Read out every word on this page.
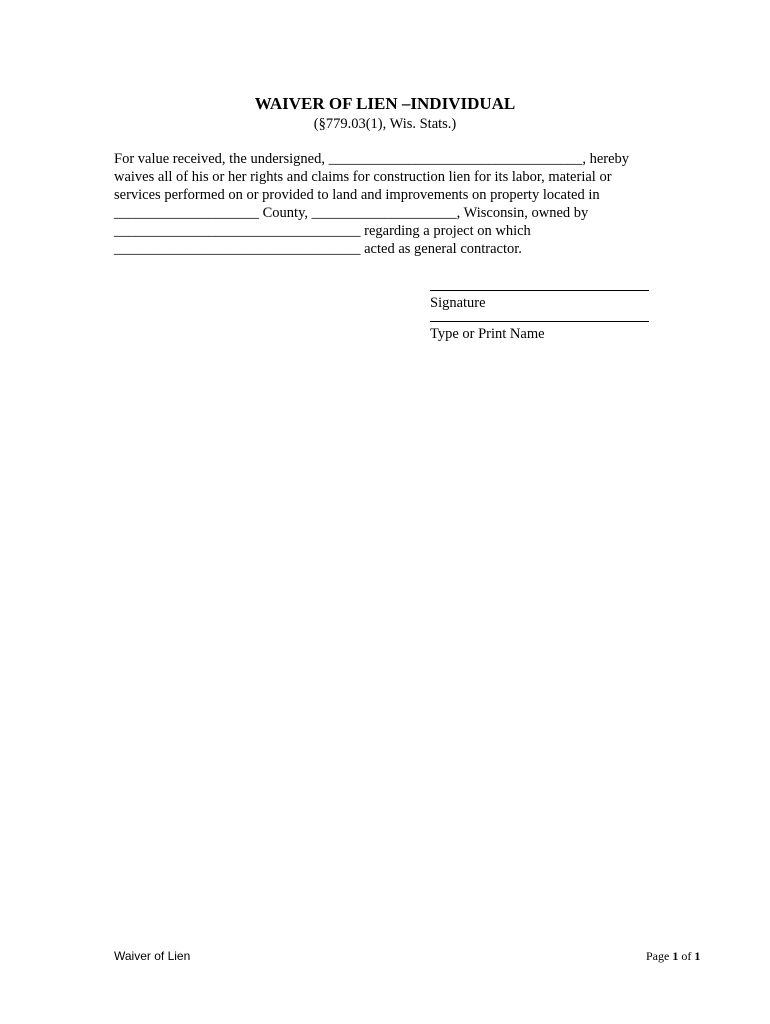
WAIVER OF LIEN –INDIVIDUAL
(§779.03(1), Wis. Stats.)
For value received, the undersigned, ___________________________________, hereby
waives all of his or her rights and claims for construction lien for its labor, material or
services performed on or provided to land and improvements on property located in
____________________ County, ____________________, Wisconsin, owned by
__________________________________ regarding a project on which
__________________________________ acted as general contractor.
Signature
Type or Print Name
Waiver of Lien	Page 1 of 1
